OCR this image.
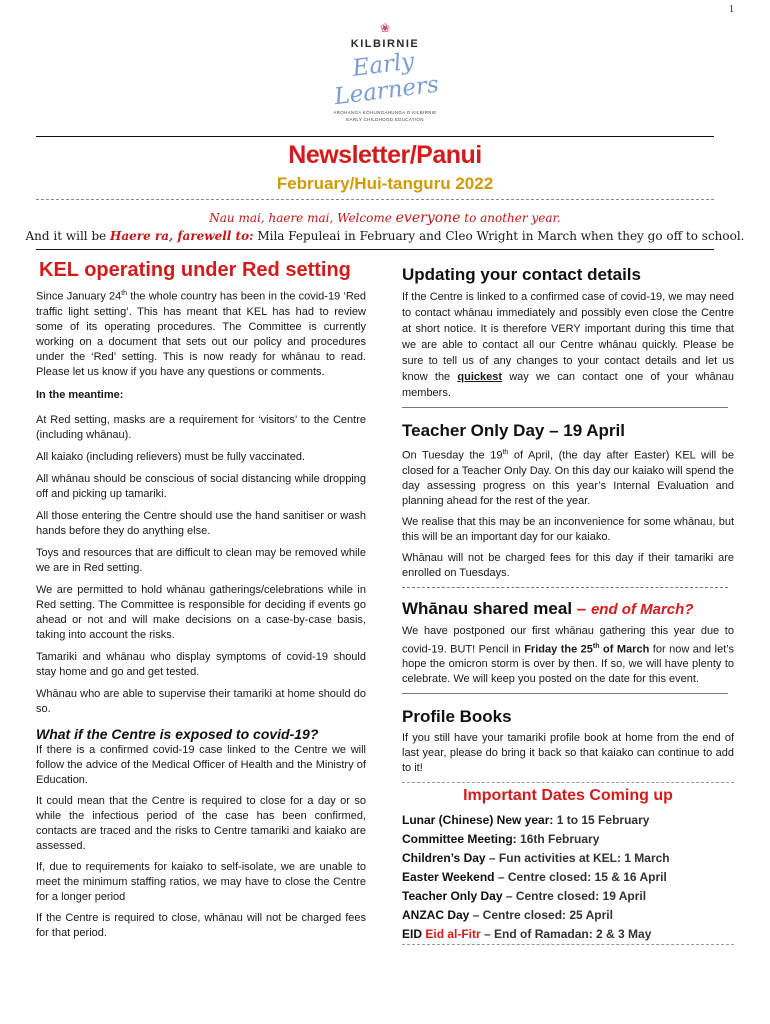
1
❀
KILBIRNIE
Early Learners
AROHANGA KŌHUNGAHUNGA O KILBIRNIE
EARLY CHILDHOOD EDUCATION
Newsletter/Panui
February/Hui-tanguru 2022
Nau mai, haere mai, Welcome everyone to another year.
And it will be Haere ra, farewell to: Mila Fepuleai in February and Cleo Wright in March when they go off to school.
KEL operating under Red setting

Since January 24th the whole country has been in the covid-19 ‘Red traffic light setting’. This has meant that KEL has had to review some of its operating procedures. The Committee is currently working on a document that sets out our policy and procedures under the ‘Red’ setting. This is now ready for whānau to read. Please let us know if you have any questions or comments.

In the meantime:

At Red setting, masks are a requirement for ‘visitors’ to the Centre (including whānau).

All kaiako (including relievers) must be fully vaccinated.

All whānau should be conscious of social distancing while dropping off and picking up tamariki.

All those entering the Centre should use the hand sanitiser or wash hands before they do anything else.

Toys and resources that are difficult to clean may be removed while we are in Red setting.

We are permitted to hold whānau gatherings/celebrations while in Red setting. The Committee is responsible for deciding if events go ahead or not and will make decisions on a case-by-case basis, taking into account the risks.

Tamariki and whānau who display symptoms of covid-19 should stay home and go and get tested.

Whānau who are able to supervise their tamariki at home should do so.

What if the Centre is exposed to covid-19?

If there is a confirmed covid-19 case linked to the Centre we will follow the advice of the Medical Officer of Health and the Ministry of Education.

It could mean that the Centre is required to close for a day or so while the infectious period of the case has been confirmed, contacts are traced and the risks to Centre tamariki and kaiako are assessed.

If, due to requirements for kaiako to self-isolate, we are unable to meet the minimum staffing ratios, we may have to close the Centre for a longer period

If the Centre is required to close, whānau will not be charged fees for that period.

Updating your contact details

If the Centre is linked to a confirmed case of covid-19, we may need to contact whānau immediately and possibly even close the Centre at short notice. It is therefore VERY important during this time that we are able to contact all our Centre whānau quickly. Please be sure to tell us of any changes to your contact details and let us know the quickest way we can contact one of your whānau members.

Teacher Only Day – 19 April

On Tuesday the 19th of April, (the day after Easter) KEL will be closed for a Teacher Only Day. On this day our kaiako will spend the day assessing progress on this year’s Internal Evaluation and planning ahead for the rest of the year.

We realise that this may be an inconvenience for some whānau, but this will be an important day for our kaiako.

Whānau will not be charged fees for this day if their tamariki are enrolled on Tuesdays.

Whānau shared meal – end of March?

We have postponed our first whānau gathering this year due to covid-19. BUT! Pencil in Friday the 25th of March for now and let’s hope the omicron storm is over by then. If so, we will have plenty to celebrate. We will keep you posted on the date for this event.

Profile Books

If you still have your tamariki profile book at home from the end of last year, please do bring it back so that kaiako can continue to add to it!

Important Dates Coming up
Lunar (Chinese) New year: 1 to 15 February
Committee Meeting: 16th February
Children’s Day – Fun activities at KEL: 1 March
Easter Weekend – Centre closed: 15 & 16 April
Teacher Only Day – Centre closed: 19 April
ANZAC Day – Centre closed: 25 April
EID Eid al-Fitr – End of Ramadan: 2 & 3 May
